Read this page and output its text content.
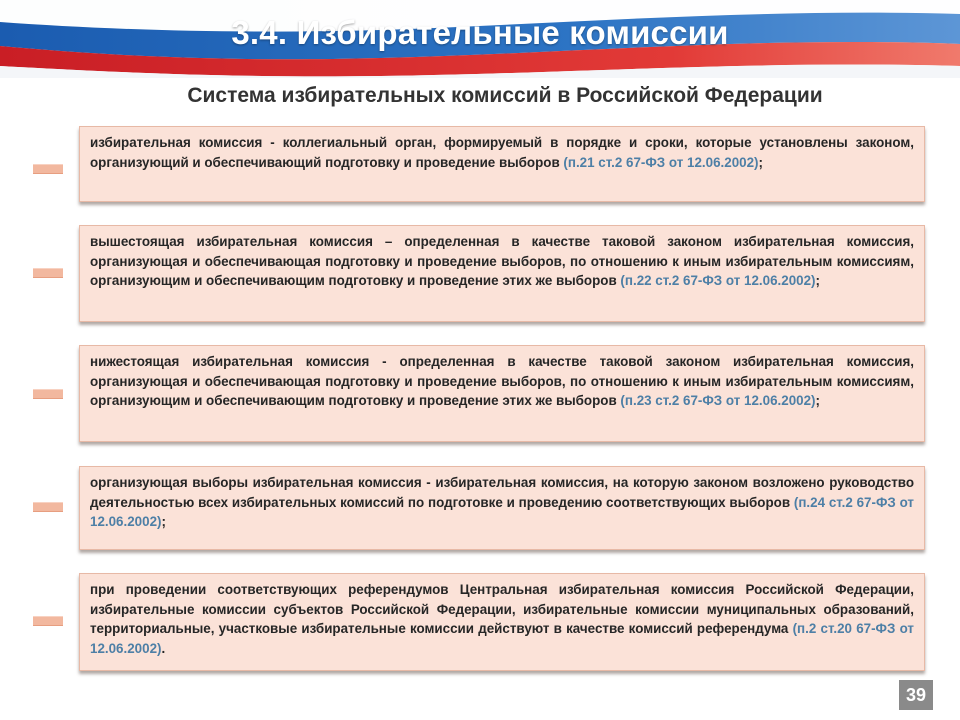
3.4. Избирательные комиссии
Система избирательных комиссий в Российской Федерации
избирательная комиссия - коллегиальный орган, формируемый в порядке и сроки, которые установлены законом, организующий и обеспечивающий подготовку и проведение выборов (п.21 ст.2 67-ФЗ от 12.06.2002);
вышестоящая избирательная комиссия – определенная в качестве таковой законом избирательная комиссия, организующая и обеспечивающая подготовку и проведение выборов, по отношению к иным избирательным комиссиям, организующим и обеспечивающим подготовку и проведение этих же выборов (п.22 ст.2 67-ФЗ от 12.06.2002);
нижестоящая избирательная комиссия - определенная в качестве таковой законом избирательная комиссия, организующая и обеспечивающая подготовку и проведение выборов, по отношению к иным избирательным комиссиям, организующим и обеспечивающим подготовку и проведение этих же выборов (п.23 ст.2 67-ФЗ от 12.06.2002);
организующая выборы избирательная комиссия - избирательная комиссия, на которую законом возложено руководство деятельностью всех избирательных комиссий по подготовке и проведению соответствующих выборов (п.24 ст.2 67-ФЗ от 12.06.2002);
при проведении соответствующих референдумов Центральная избирательная комиссия Российской Федерации, избирательные комиссии субъектов Российской Федерации, избирательные комиссии муниципальных образований, территориальные, участковые избирательные комиссии действуют в качестве комиссий референдума (п.2 ст.20 67-ФЗ от 12.06.2002).
39
